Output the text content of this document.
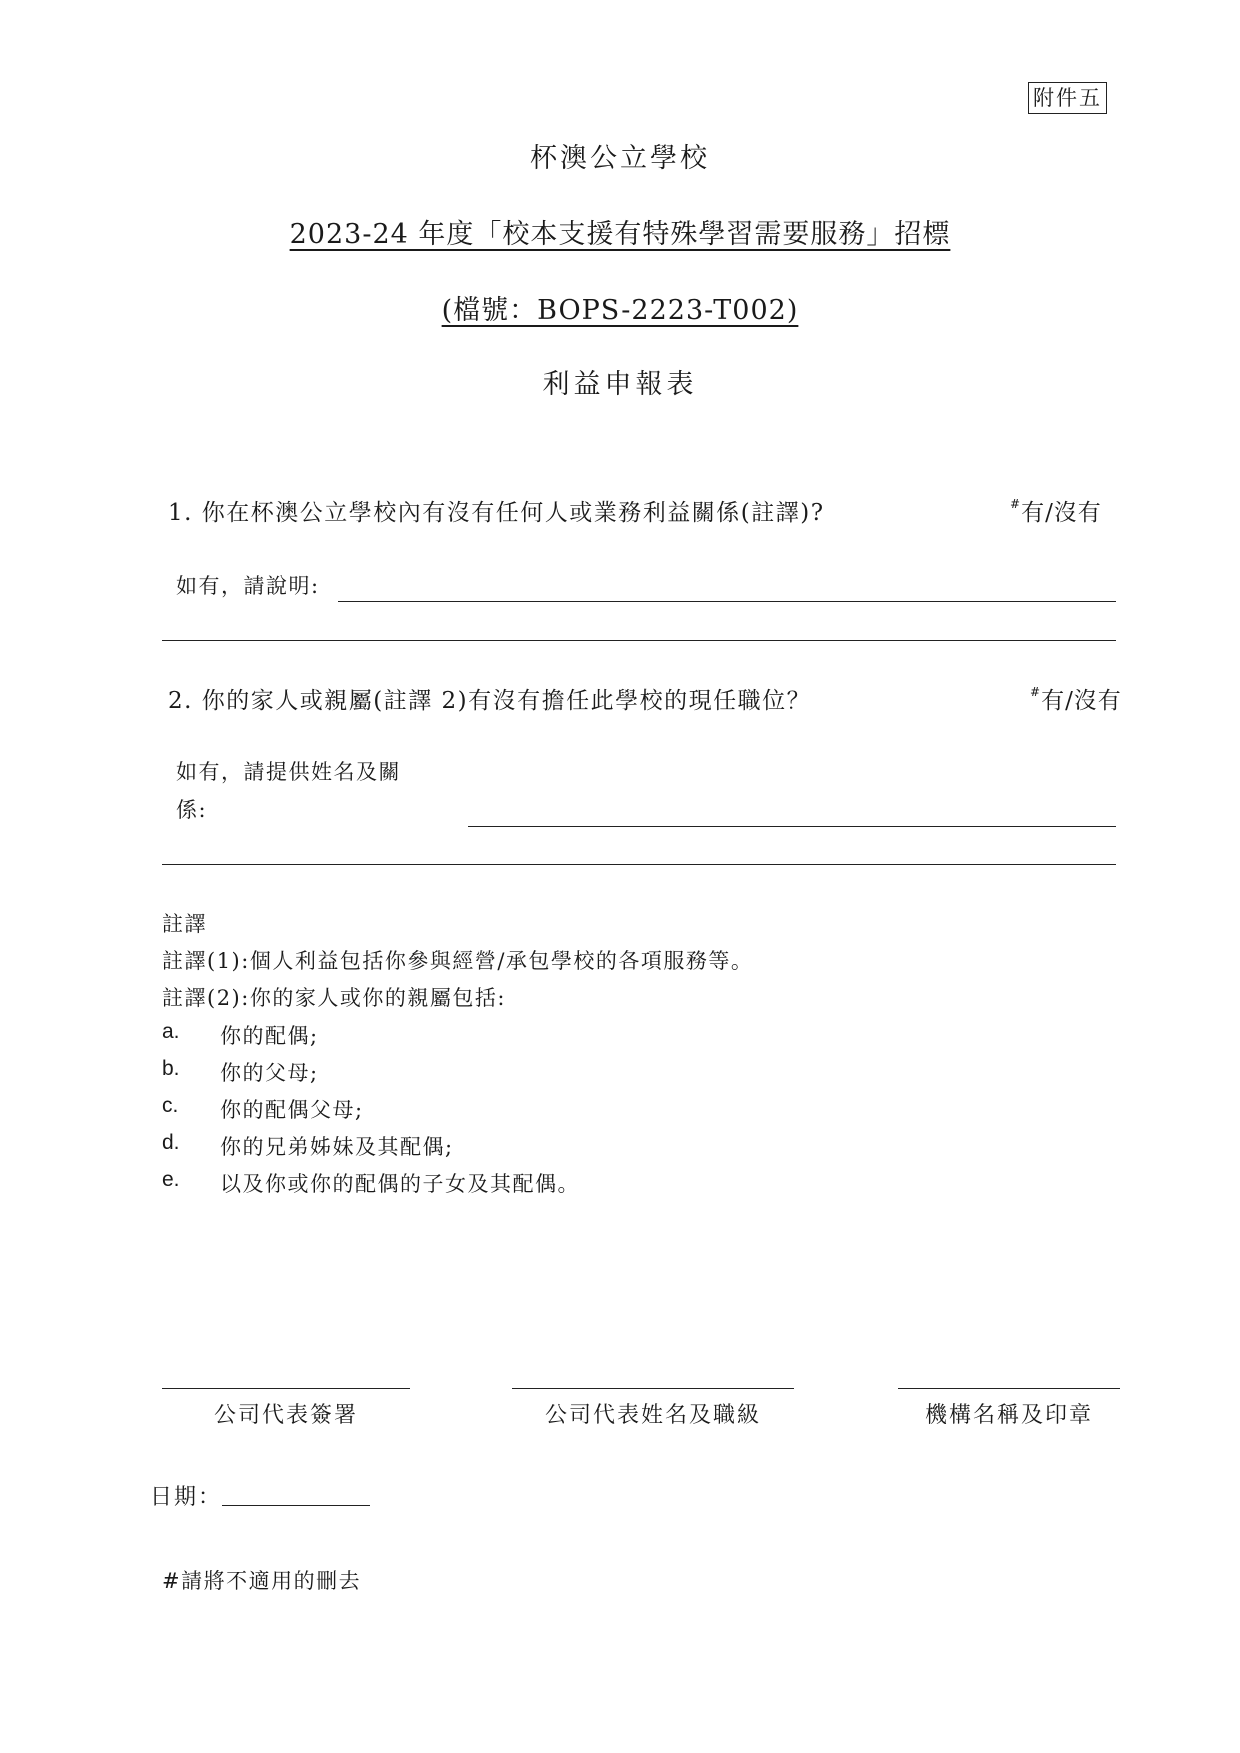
附件五
杯澳公立學校
2023-24 年度「校本支援有特殊學習需要服務」招標
(檔號：BOPS-2223-T002)
利益申報表
1. 你在杯澳公立學校內有沒有任何人或業務利益關係(註譯)?	#有/沒有
如有，請說明:
2. 你的家人或親屬(註譯 2)有沒有擔任此學校的現任職位？	#有/沒有
如有，請提供姓名及關
係:
註譯
註譯(1):個人利益包括你參與經營/承包學校的各項服務等。
註譯(2):你的家人或你的親屬包括:
a. 你的配偶;
b. 你的父母;
c. 你的配偶父母;
d. 你的兄弟姊妹及其配偶;
e. 以及你或你的配偶的子女及其配偶。
公司代表簽署	公司代表姓名及職級	機構名稱及印章
日期：
#請將不適用的刪去
